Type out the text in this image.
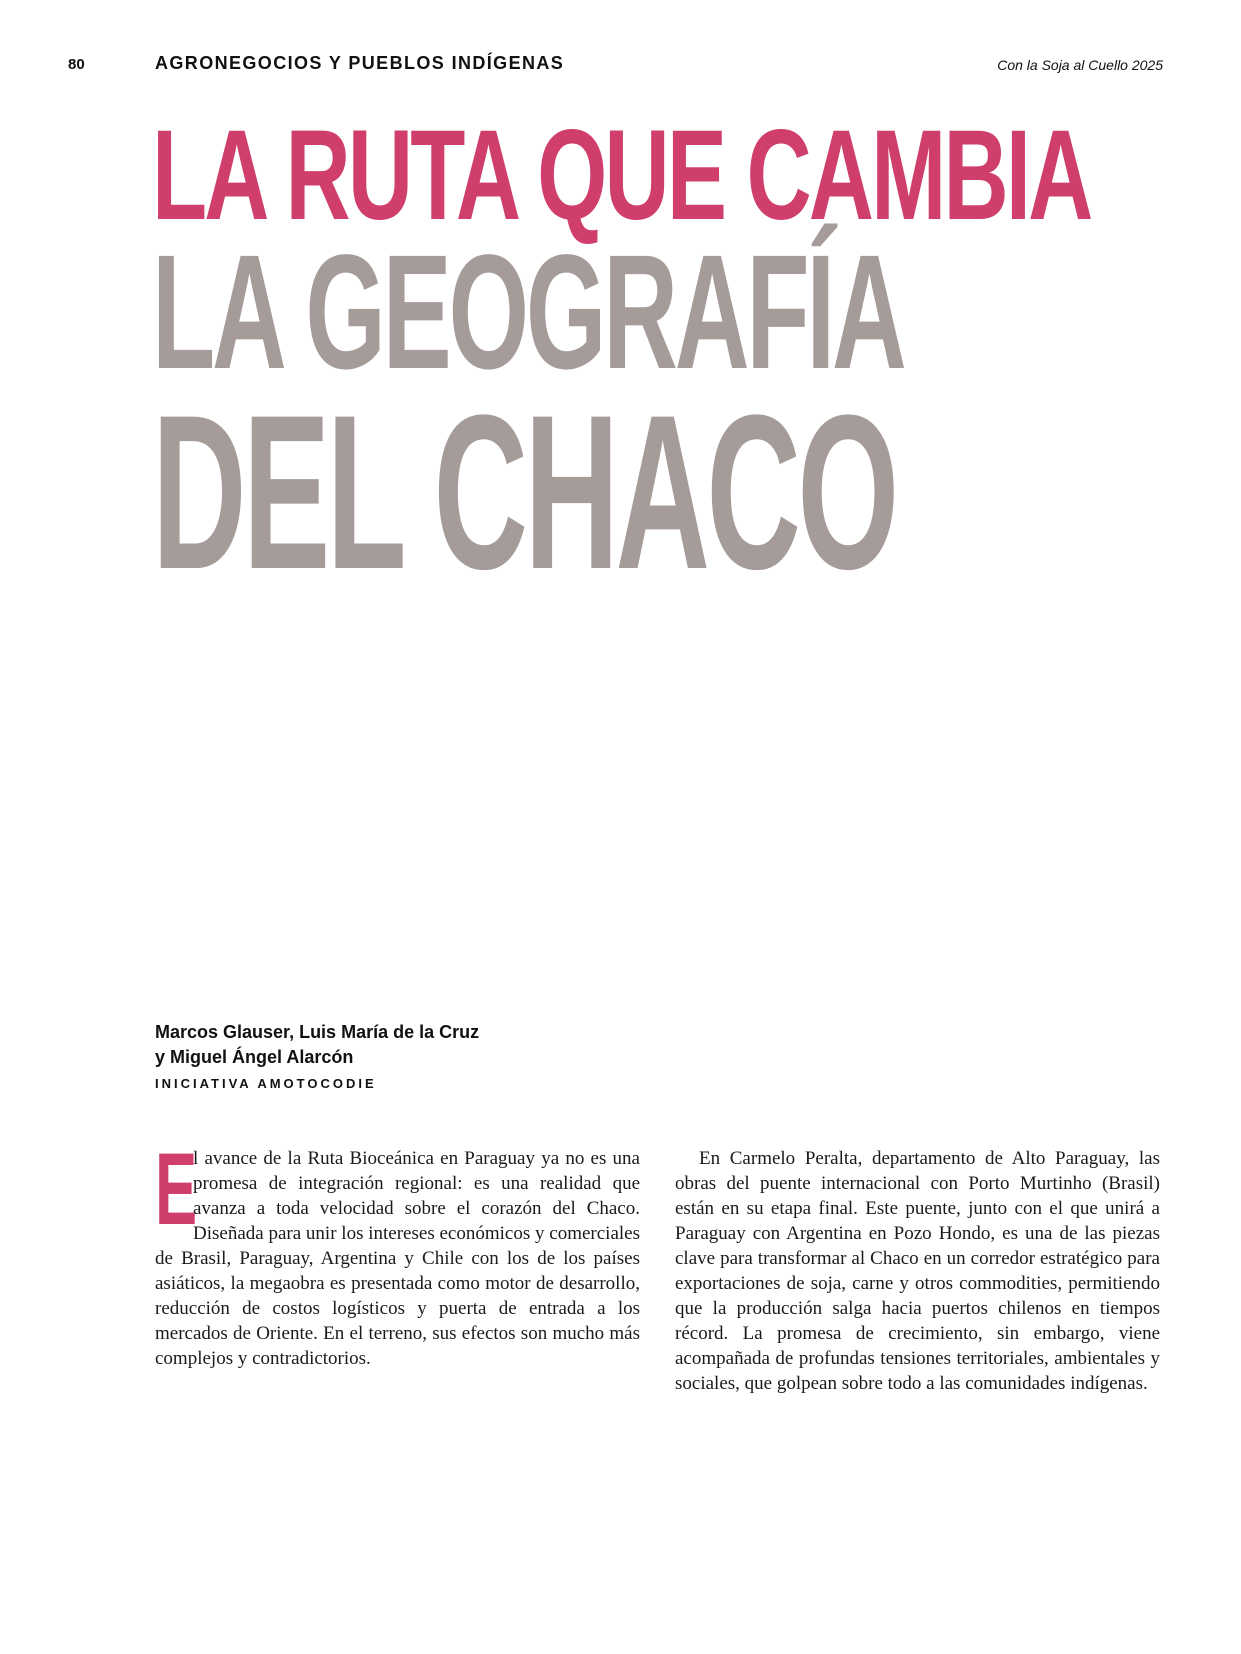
80	AGRONEGOCIOS Y PUEBLOS INDÍGENAS	Con la Soja al Cuello 2025
LA RUTA QUE CAMBIA
LA GEOGRAFÍA
DEL CHACO
Marcos Glauser, Luis María de la Cruz
y Miguel Ángel Alarcón
INICIATIVA AMOTOCODIE

E
l avance de la Ruta Bioceánica en Paraguay ya no es una promesa de integración regional: es una realidad que avanza a toda velocidad sobre el corazón del Chaco. Diseñada para unir los intereses económicos y comerciales de Brasil, Paraguay, Argentina y Chile con los de los países asiáticos, la megaobra es presentada como motor de desarrollo, reducción de costos logísticos y puerta de entrada a los mercados de Oriente. En el terreno, sus efectos son mucho más complejos y contradictorios.

En Carmelo Peralta, departamento de Alto Paraguay, las obras del puente internacional con Porto Murtinho (Brasil) están en su etapa final. Este puente, junto con el que unirá a Paraguay con Argentina en Pozo Hondo, es una de las piezas clave para transformar al Chaco en un corredor estratégico para exportaciones de soja, carne y otros commodities, permitiendo que la producción salga hacia puertos chilenos en tiempos récord. La promesa de crecimiento, sin embargo, viene acompañada de profundas tensiones territoriales, ambientales y sociales, que golpean sobre todo a las comunidades indígenas.
